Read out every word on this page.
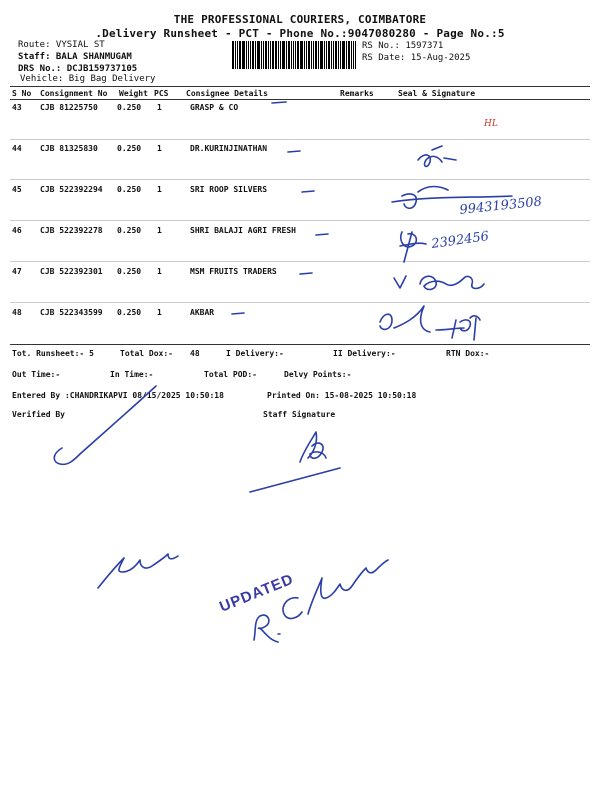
THE PROFESSIONAL COURIERS, COIMBATORE
.Delivery Runsheet - PCT - Phone No.:9047080280 - Page No.:5
Route: VYSIAL ST
Staff: BALA SHANMUGAM
DRS No.: DCJB159737105
Vehicle: Big Bag Delivery
RS No.: 1597371
RS Date: 15-Aug-2025
S No Consignment No Weight PCS Consignee Details	Remarks	Seal & Signature
43 CJB 81225750 0.250 1	GRASP & CO
44 CJB 81325830 0.250 1	DR.KURINJINATHAN
45 CJB 522392294 0.250 1	SRI ROOP SILVERS
46 CJB 522392278 0.250 1	SHRI BALAJI AGRI FRESH
47 CJB 522392301 0.250 1	MSM FRUITS TRADERS
48 CJB 522343599 0.250 1	AKBAR
Tot. Runsheet:- 5	Total Dox:- 48	I Delivery:-	II Delivery:-	RTN Dox:-
Out Time:-	In Time:-	Total POD:-	Delvy Points:-
Entered By :CHANDRIKAPVI 08/15/2025 10:50:18	Printed On: 15-08-2025 10:50:18
Verified By	Staff Signature
HL
9943193508
2392456
UPDATED
